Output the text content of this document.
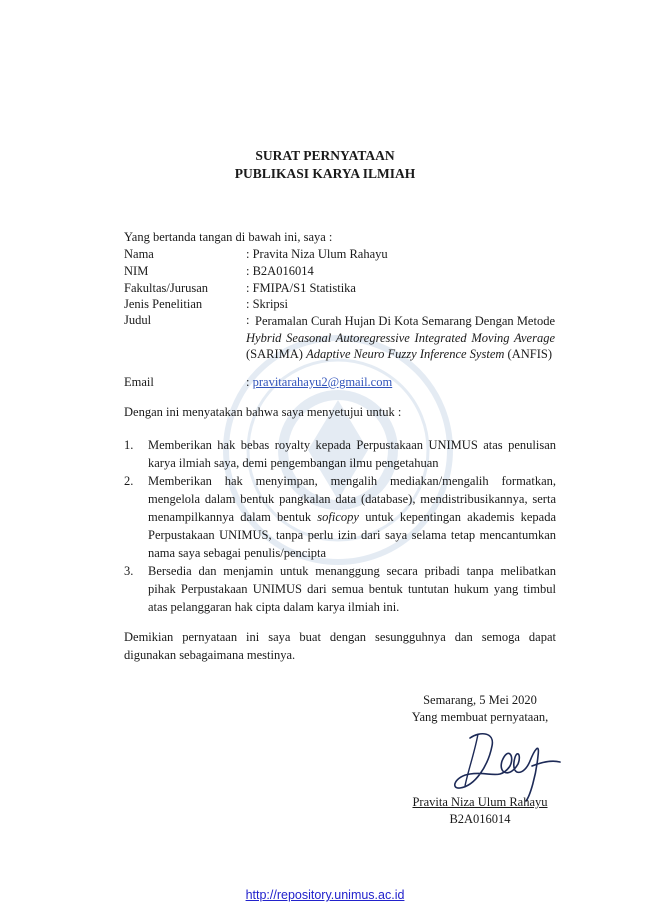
SURAT PERNYATAAN
PUBLIKASI KARYA ILMIAH
Yang bertanda tangan di bawah ini, saya :
Nama	: Pravita Niza Ulum Rahayu
NIM	: B2A016014
Fakultas/Jurusan	: FMIPA/S1 Statistika
Jenis Penelitian	: Skripsi
Judul	: Peramalan Curah Hujan Di Kota Semarang Dengan Metode Hybrid Seasonal Autoregressive Integrated Moving Average (SARIMA) Adaptive Neuro Fuzzy Inference System (ANFIS)
Email	: pravitarahayu2@gmail.com
Dengan ini menyatakan bahwa saya menyetujui untuk :
1. Memberikan hak bebas royalty kepada Perpustakaan UNIMUS atas penulisan karya ilmiah saya, demi pengembangan ilmu pengetahuan
2. Memberikan hak menyimpan, mengalih mediakan/mengalih formatkan, mengelola dalam bentuk pangkalan data (database), mendistribusikannya, serta menampilkannya dalam bentuk soficopy untuk kepentingan akademis kepada Perpustakaan UNIMUS, tanpa perlu izin dari saya selama tetap mencantumkan nama saya sebagai penulis/pencipta
3. Bersedia dan menjamin untuk menanggung secara pribadi tanpa melibatkan pihak Perpustakaan UNIMUS dari semua bentuk tuntutan hukum yang timbul atas pelanggaran hak cipta dalam karya ilmiah ini.
Demikian pernyataan ini saya buat dengan sesungguhnya dan semoga dapat digunakan sebagaimana mestinya.
Semarang, 5 Mei 2020
Yang membuat pernyataan,
Pravita Niza Ulum Rahayu
B2A016014
http://repository.unimus.ac.id
